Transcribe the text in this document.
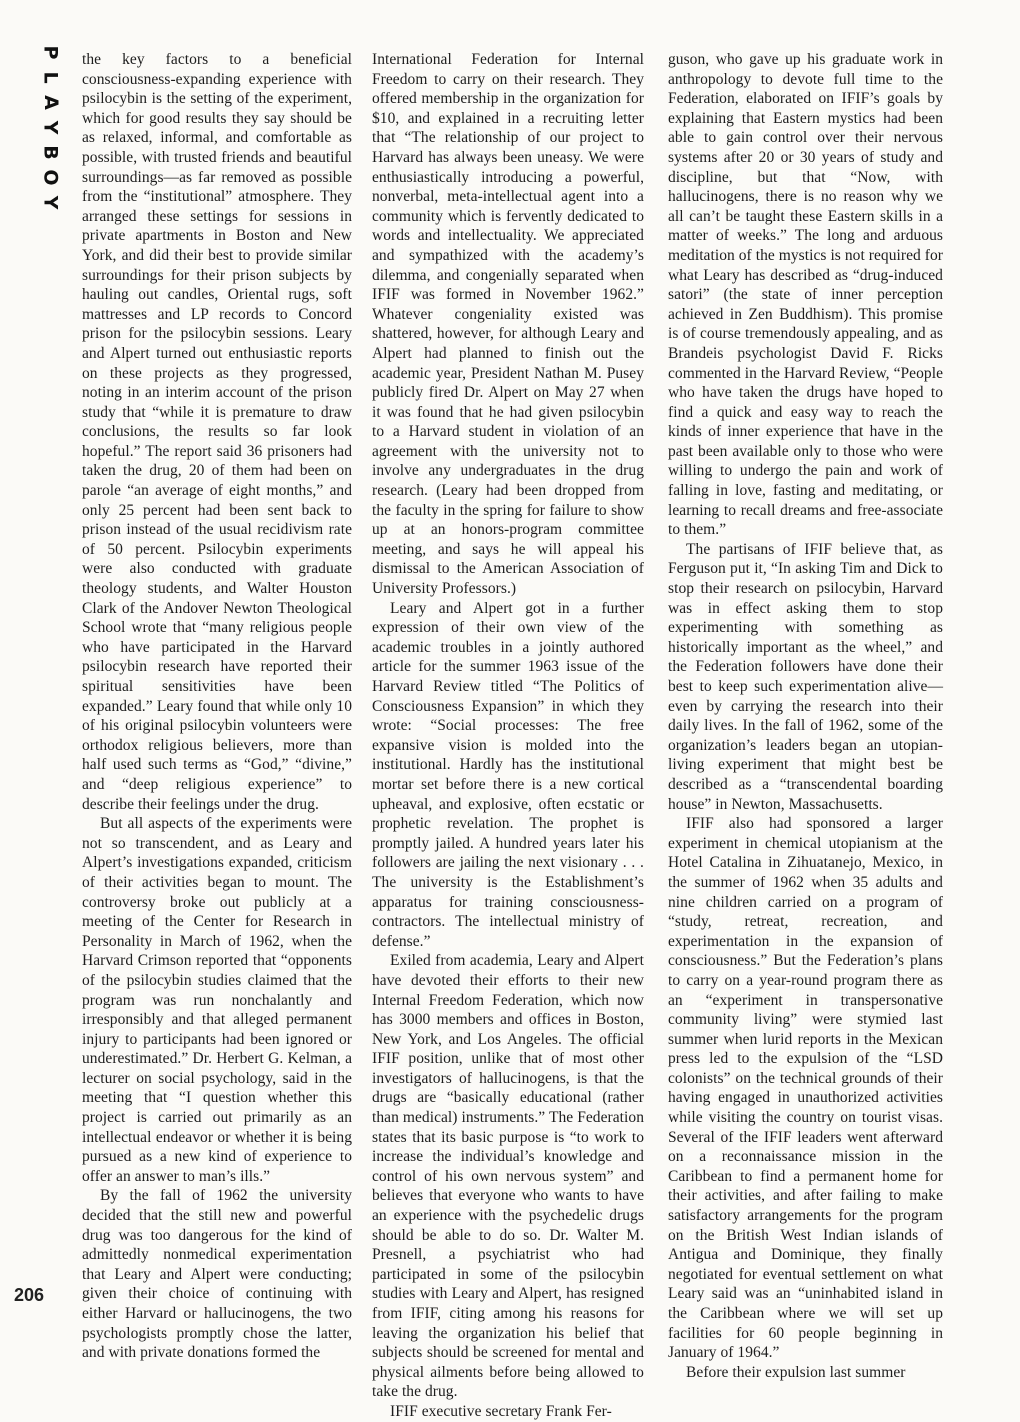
P
L
A
Y
B
O
Y
206

the key factors to a beneficial consciousness-expanding experience with psilocybin is the setting of the experiment, which for good results they say should be as relaxed, informal, and comfortable as possible, with trusted friends and beautiful surroundings—as far removed as possible from the “institutional” atmosphere. They arranged these settings for sessions in private apartments in Boston and New York, and did their best to provide similar surroundings for their prison subjects by hauling out candles, Oriental rugs, soft mattresses and LP records to Concord prison for the psilocybin sessions. Leary and Alpert turned out enthusiastic reports on these projects as they progressed, noting in an interim account of the prison study that “while it is premature to draw conclusions, the results so far look hopeful.” The report said 36 prisoners had taken the drug, 20 of them had been on parole “an average of eight months,” and only 25 percent had been sent back to prison instead of the usual recidivism rate of 50 percent. Psilocybin experiments were also conducted with graduate theology students, and Walter Houston Clark of the Andover Newton Theological School wrote that “many religious people who have participated in the Harvard psilocybin research have reported their spiritual sensitivities have been expanded.” Leary found that while only 10 of his original psilocybin volunteers were orthodox religious believers, more than half used such terms as “God,” “divine,” and “deep religious experience” to describe their feelings under the drug.

But all aspects of the experiments were not so transcendent, and as Leary and Alpert’s investigations expanded, criticism of their activities began to mount. The controversy broke out publicly at a meeting of the Center for Research in Personality in March of 1962, when the Harvard Crimson reported that “opponents of the psilocybin studies claimed that the program was run nonchalantly and irresponsibly and that alleged permanent injury to participants had been ignored or underestimated.” Dr. Herbert G. Kelman, a lecturer on social psychology, said in the meeting that “I question whether this project is carried out primarily as an intellectual endeavor or whether it is being pursued as a new kind of experience to offer an answer to man’s ills.”

By the fall of 1962 the university decided that the still new and powerful drug was too dangerous for the kind of admittedly nonmedical experimentation that Leary and Alpert were conducting; given their choice of continuing with either Harvard or hallucinogens, the two psychologists promptly chose the latter, and with private donations formed the

International Federation for Internal Freedom to carry on their research. They offered membership in the organization for $10, and explained in a recruiting letter that “The relationship of our project to Harvard has always been uneasy. We were enthusiastically introducing a powerful, nonverbal, meta-intellectual agent into a community which is fervently dedicated to words and intellectuality. We appreciated and sympathized with the academy’s dilemma, and congenially separated when IFIF was formed in November 1962.” Whatever congeniality existed was shattered, however, for although Leary and Alpert had planned to finish out the academic year, President Nathan M. Pusey publicly fired Dr. Alpert on May 27 when it was found that he had given psilocybin to a Harvard student in violation of an agreement with the university not to involve any undergraduates in the drug research. (Leary had been dropped from the faculty in the spring for failure to show up at an honors-program committee meeting, and says he will appeal his dismissal to the American Association of University Professors.)

Leary and Alpert got in a further expression of their own view of the academic troubles in a jointly authored article for the summer 1963 issue of the Harvard Review titled “The Politics of Consciousness Expansion” in which they wrote: “Social processes: The free expansive vision is molded into the institutional. Hardly has the institutional mortar set before there is a new cortical upheaval, and explosive, often ecstatic or prophetic revelation. The prophet is promptly jailed. A hundred years later his followers are jailing the next visionary . . . The university is the Establishment’s apparatus for training consciousness-contractors. The intellectual ministry of defense.”

Exiled from academia, Leary and Alpert have devoted their efforts to their new Internal Freedom Federation, which now has 3000 members and offices in Boston, New York, and Los Angeles. The official IFIF position, unlike that of most other investigators of hallucinogens, is that the drugs are “basically educational (rather than medical) instruments.” The Federation states that its basic purpose is “to work to increase the individual’s knowledge and control of his own nervous system” and believes that everyone who wants to have an experience with the psychedelic drugs should be able to do so. Dr. Walter M. Presnell, a psychiatrist who had participated in some of the psilocybin studies with Leary and Alpert, has resigned from IFIF, citing among his reasons for leaving the organization his belief that subjects should be screened for mental and physical ailments before being allowed to take the drug.

IFIF executive secretary Frank Fer-

guson, who gave up his graduate work in anthropology to devote full time to the Federation, elaborated on IFIF’s goals by explaining that Eastern mystics had been able to gain control over their nervous systems after 20 or 30 years of study and discipline, but that “Now, with hallucinogens, there is no reason why we all can’t be taught these Eastern skills in a matter of weeks.” The long and arduous meditation of the mystics is not required for what Leary has described as “drug-induced satori” (the state of inner perception achieved in Zen Buddhism). This promise is of course tremendously appealing, and as Brandeis psychologist David F. Ricks commented in the Harvard Review, “People who have taken the drugs have hoped to find a quick and easy way to reach the kinds of inner experience that have in the past been available only to those who were willing to undergo the pain and work of falling in love, fasting and meditating, or learning to recall dreams and free-associate to them.”

The partisans of IFIF believe that, as Ferguson put it, “In asking Tim and Dick to stop their research on psilocybin, Harvard was in effect asking them to stop experimenting with something as historically important as the wheel,” and the Federation followers have done their best to keep such experimentation alive—even by carrying the research into their daily lives. In the fall of 1962, some of the organization’s leaders began an utopian-living experiment that might best be described as a “transcendental boarding house” in Newton, Massachusetts.

IFIF also had sponsored a larger experiment in chemical utopianism at the Hotel Catalina in Zihuatanejo, Mexico, in the summer of 1962 when 35 adults and nine children carried on a program of “study, retreat, recreation, and experimentation in the expansion of consciousness.” But the Federation’s plans to carry on a year-round program there as an “experiment in transpersonative community living” were stymied last summer when lurid reports in the Mexican press led to the expulsion of the “LSD colonists” on the technical grounds of their having engaged in unauthorized activities while visiting the country on tourist visas. Several of the IFIF leaders went afterward on a reconnaissance mission in the Caribbean to find a permanent home for their activities, and after failing to make satisfactory arrangements for the program on the British West Indian islands of Antigua and Dominique, they finally negotiated for eventual settlement on what Leary said was an “uninhabited island in the Caribbean where we will set up facilities for 60 people beginning in January of 1964.”

Before their expulsion last summer
